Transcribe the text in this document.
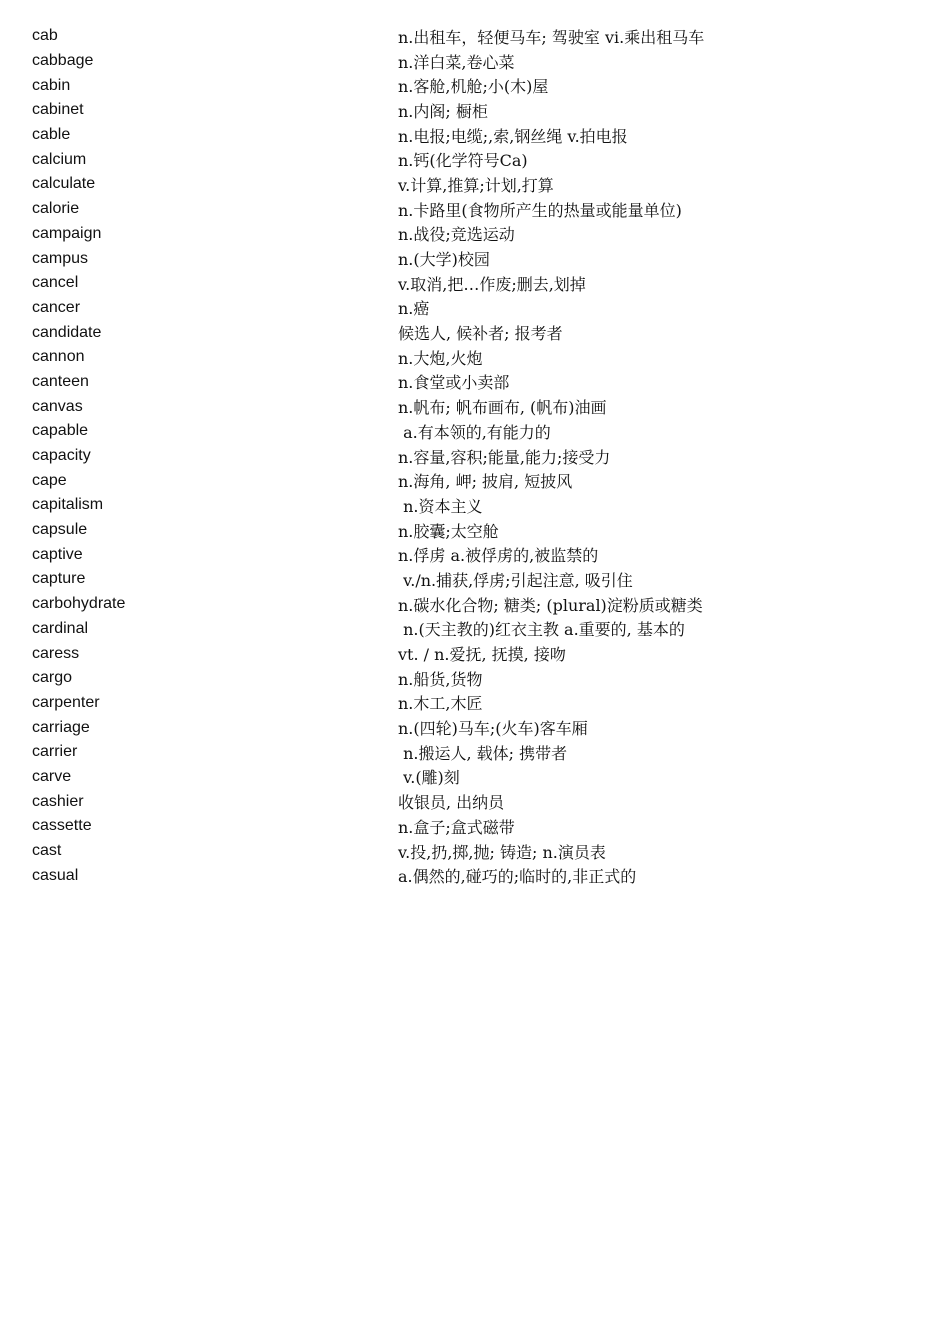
cab	n.出租车，轻便马车; 驾驶室 vi.乘出租马车
cabbage	n.洋白菜,卷心菜
cabin	n.客舱,机舱;小(木)屋
cabinet	n.内阁; 橱柜
cable	n.电报;电缆;,索,钢丝绳 v.拍电报
calcium	n.钙(化学符号Ca)
calculate	v.计算,推算;计划,打算
calorie	n.卡路里(食物所产生的热量或能量单位)
campaign	n.战役;竞选运动
campus	n.(大学)校园
cancel	v.取消,把…作废;删去,划掉
cancer	n.癌
candidate	候选人, 候补者; 报考者
cannon	n.大炮,火炮
canteen	n.食堂或小卖部
canvas	n.帆布; 帆布画布, (帆布)油画
capable	a.有本领的,有能力的
capacity	n.容量,容积;能量,能力;接受力
cape	n.海角, 岬; 披肩, 短披风
capitalism	n.资本主义
capsule	n.胶囊;太空舱
captive	n.俘虏 a.被俘虏的,被监禁的
capture	v./n.捕获,俘虏;引起注意, 吸引住
carbohydrate	n.碳水化合物; 糖类; (plural)淀粉质或糖类
cardinal	n.(天主教的)红衣主教 a.重要的, 基本的
caress	vt. / n.爱抚, 抚摸, 接吻
cargo	n.船货,货物
carpenter	n.木工,木匠
carriage	n.(四轮)马车;(火车)客车厢
carrier	n.搬运人, 载体; 携带者
carve	v.(雕)刻
cashier	收银员, 出纳员
cassette	n.盒子;盒式磁带
cast	v.投,扔,掷,抛; 铸造; n.演员表
casual	a.偶然的,碰巧的;临时的,非正式的
